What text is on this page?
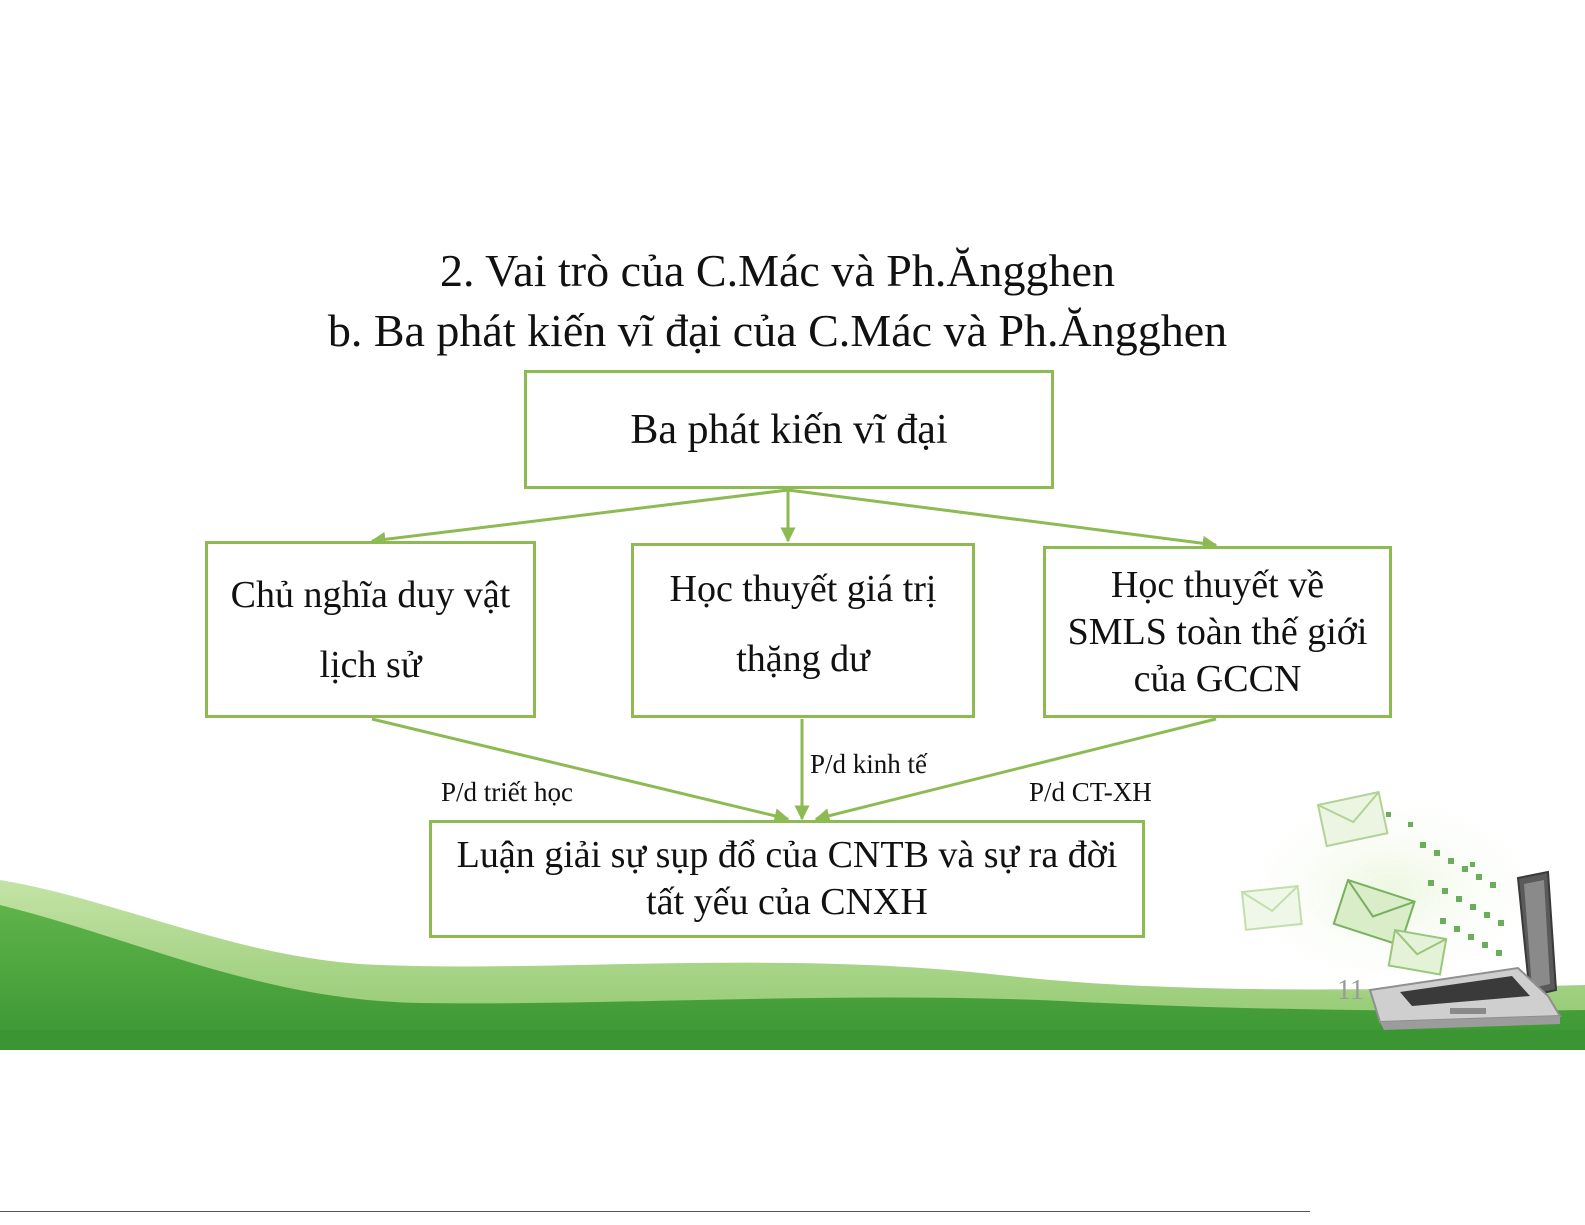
2. Vai trò của C.Mác và Ph.Ăngghen
b. Ba phát kiến vĩ đại của C.Mác và Ph.Ăngghen
Ba phát kiến vĩ đại
Chủ nghĩa duy vật
lịch sử
Học thuyết giá trị
thặng dư
Học thuyết về
SMLS toàn thế giới
của GCCN
P/d triết học
P/d kinh tế
P/d CT-XH
Luận giải sự sụp đổ của CNTB và sự ra đời
tất yếu của CNXH
11
